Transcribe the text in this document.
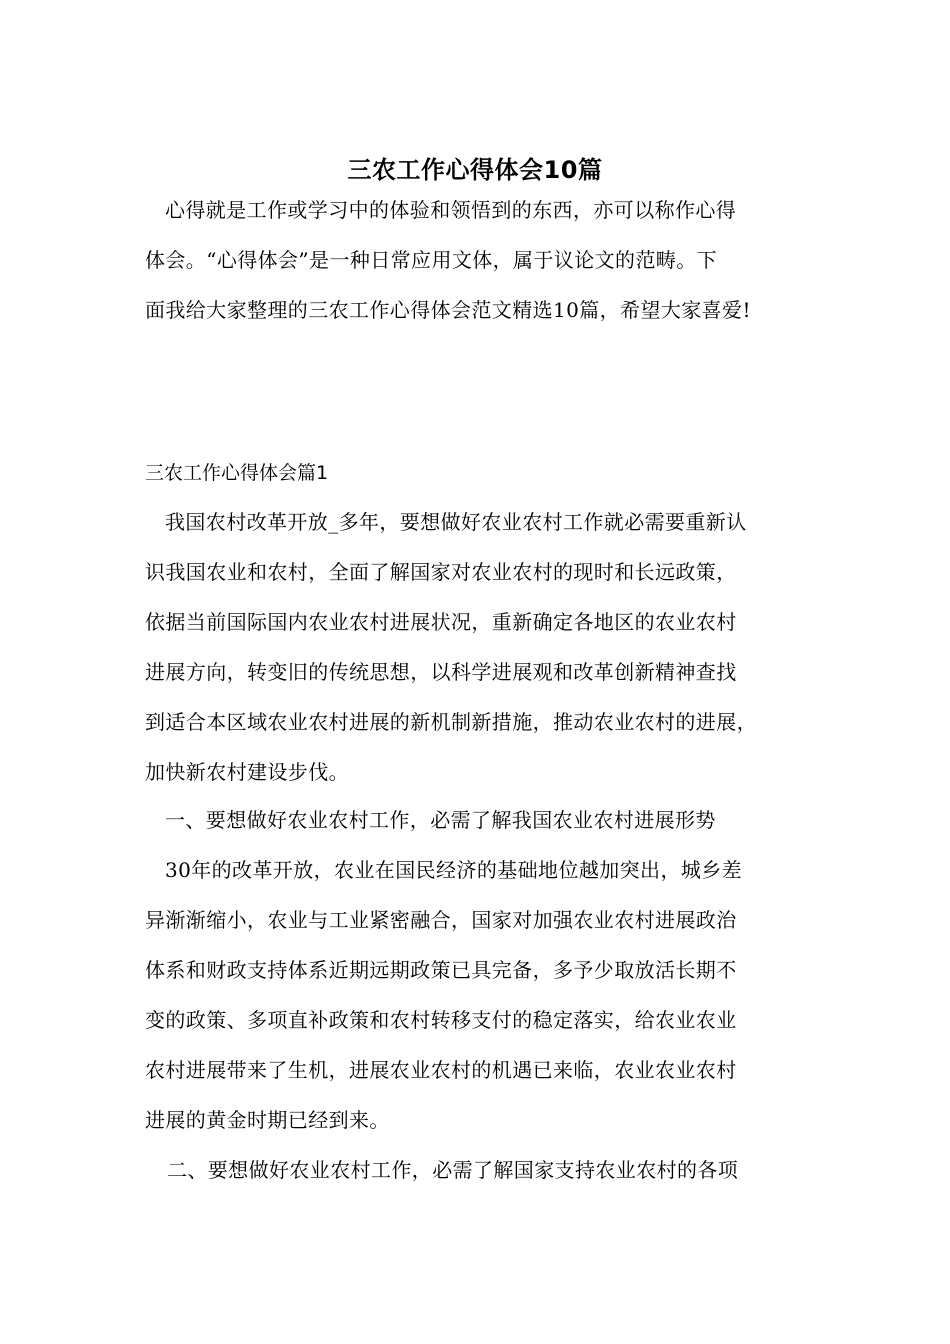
三农工作心得体会10篇
心得就是工作或学习中的体验和领悟到的东西，亦可以称作心得
体会。“心得体会”是一种日常应用文体，属于议论文的范畴。下
面我给大家整理的三农工作心得体会范文精选10篇，希望大家喜爱!
三农工作心得体会篇1
我国农村改革开放_多年，要想做好农业农村工作就必需要重新认
识我国农业和农村，全面了解国家对农业农村的现时和长远政策，
依据当前国际国内农业农村进展状况，重新确定各地区的农业农村
进展方向，转变旧的传统思想，以科学进展观和改革创新精神查找
到适合本区域农业农村进展的新机制新措施，推动农业农村的进展，
加快新农村建设步伐。
一、要想做好农业农村工作，必需了解我国农业农村进展形势
30年的改革开放，农业在国民经济的基础地位越加突出，城乡差
异渐渐缩小，农业与工业紧密融合，国家对加强农业农村进展政治
体系和财政支持体系近期远期政策已具完备，多予少取放活长期不
变的政策、多项直补政策和农村转移支付的稳定落实，给农业农业
农村进展带来了生机，进展农业农村的机遇已来临，农业农业农村
进展的黄金时期已经到来。
二、要想做好农业农村工作，必需了解国家支持农业农村的各项
